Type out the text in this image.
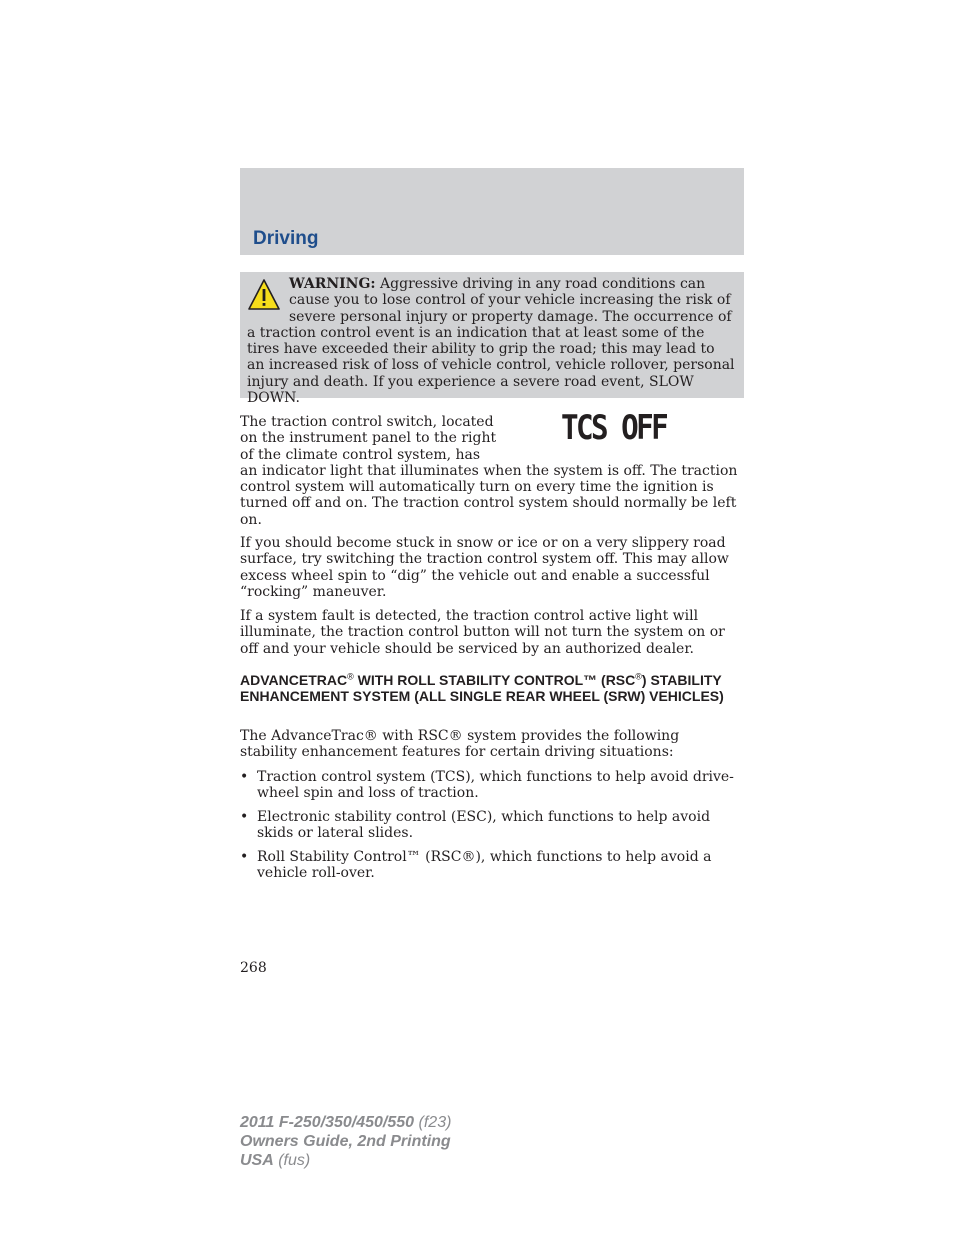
Driving
WARNING: Aggressive driving in any road conditions can cause you to lose control of your vehicle increasing the risk of severe personal injury or property damage. The occurrence of a traction control event is an indication that at least some of the tires have exceeded their ability to grip the road; this may lead to an increased risk of loss of vehicle control, vehicle rollover, personal injury and death. If you experience a severe road event, SLOW DOWN.

The traction control switch, located on the instrument panel to the right of the climate control system, has
an indicator light that illuminates when the system is off. The traction control system will automatically turn on every time the ignition is turned off and on. The traction control system should normally be left on.

TCS OFF

If you should become stuck in snow or ice or on a very slippery road surface, try switching the traction control system off. This may allow excess wheel spin to “dig” the vehicle out and enable a successful “rocking” maneuver.

If a system fault is detected, the traction control active light will illuminate, the traction control button will not turn the system on or off and your vehicle should be serviced by an authorized dealer.

ADVANCETRAC® WITH ROLL STABILITY CONTROL™ (RSC®) STABILITY ENHANCEMENT SYSTEM (ALL SINGLE REAR WHEEL (SRW) VEHICLES)

The AdvanceTrac® with RSC® system provides the following stability enhancement features for certain driving situations:

• Traction control system (TCS), which functions to help avoid drive-wheel spin and loss of traction.
• Electronic stability control (ESC), which functions to help avoid skids or lateral slides.
• Roll Stability Control™ (RSC®), which functions to help avoid a vehicle roll-over.

268

2011 F-250/350/450/550 (f23)
Owners Guide, 2nd Printing
USA (fus)
